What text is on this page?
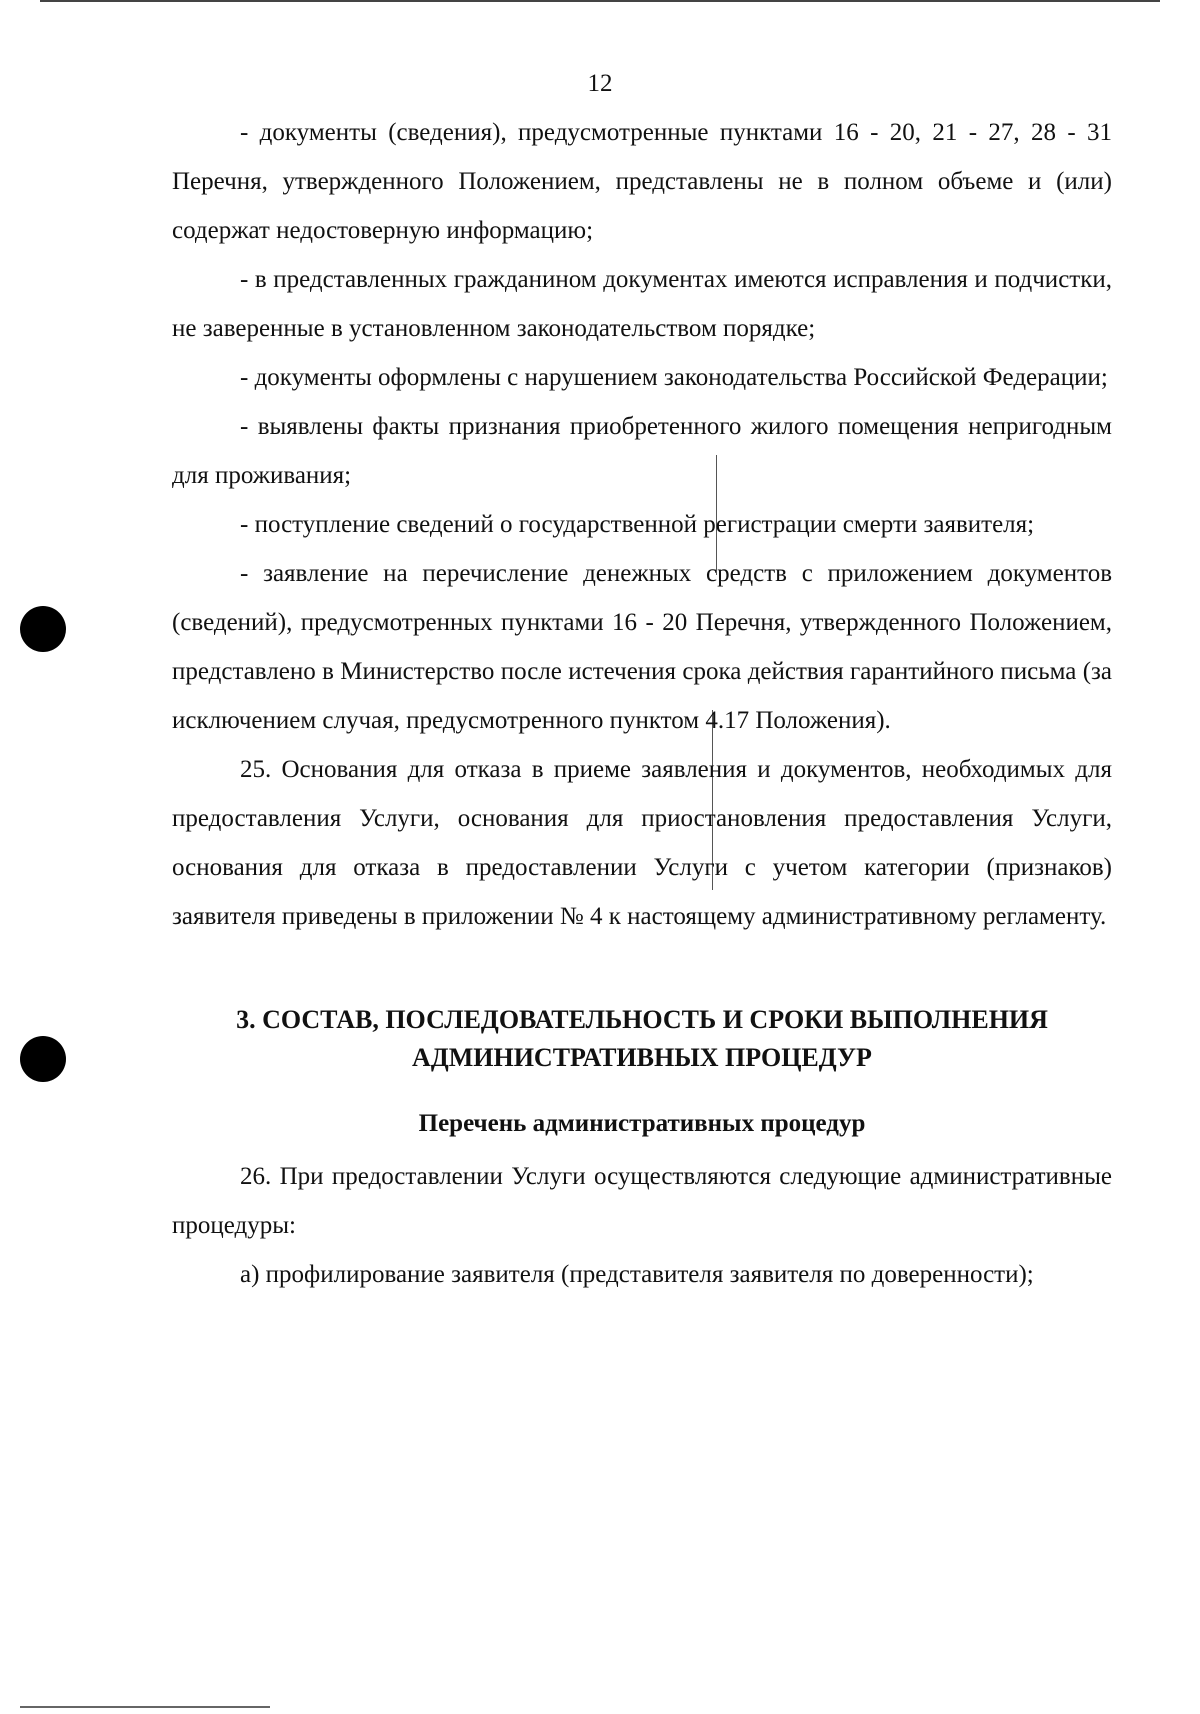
12

- документы (сведения), предусмотренные пунктами 16 - 20, 21 - 27, 28 - 31 Перечня, утвержденного Положением, представлены не в полном объеме и (или) содержат недостоверную информацию;

- в представленных гражданином документах имеются исправления и подчистки, не заверенные в установленном законодательством порядке;

- документы оформлены с нарушением законодательства Российской Федерации;

- выявлены факты признания приобретенного жилого помещения непригодным для проживания;

- поступление сведений о государственной регистрации смерти заявителя;

- заявление на перечисление денежных средств с приложением документов (сведений), предусмотренных пунктами 16 - 20 Перечня, утвержденного Положением, представлено в Министерство после истечения срока действия гарантийного письма (за исключением случая, предусмотренного пунктом 4.17 Положения).

25. Основания для отказа в приеме заявления и документов, необходимых для предоставления Услуги, основания для приостановления предоставления Услуги, основания для отказа в предоставлении Услуги с учетом категории (признаков) заявителя приведены в приложении № 4 к настоящему административному регламенту.

3. СОСТАВ, ПОСЛЕДОВАТЕЛЬНОСТЬ И СРОКИ ВЫПОЛНЕНИЯ АДМИНИСТРАТИВНЫХ ПРОЦЕДУР
Перечень административных процедур

26. При предоставлении Услуги осуществляются следующие административные процедуры:

а) профилирование заявителя (представителя заявителя по доверенности);
